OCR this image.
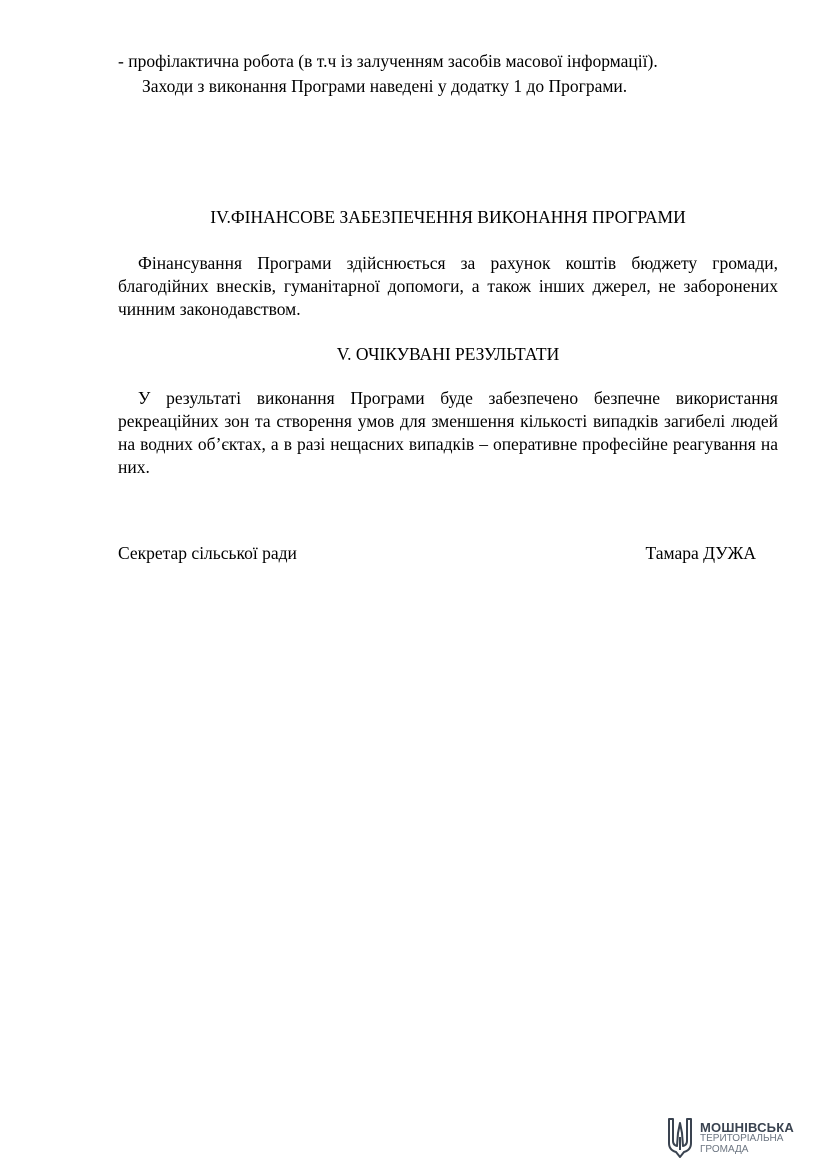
- профілактична робота (в т.ч із залученням засобів масової інформації).
Заходи з виконання Програми наведені у додатку 1 до Програми.
IV.ФІНАНСОВЕ ЗАБЕЗПЕЧЕННЯ ВИКОНАННЯ ПРОГРАМИ

Фінансування Програми здійснюється за рахунок коштів бюджету громади, благодійних внесків, гуманітарної допомоги, а також інших джерел, не заборонених чинним законодавством.

V. ОЧІКУВАНІ РЕЗУЛЬТАТИ

У результаті виконання Програми буде забезпечено безпечне використання рекреаційних зон та створення умов для зменшення кількості випадків загибелі людей на водних об’єктах, а в разі нещасних випадків – оперативне професійне реагування на них.

Секретар сільської ради	Тамара ДУЖА
МОШНІВСЬКА
ТЕРИТОРІАЛЬНА
ГРОМАДА
